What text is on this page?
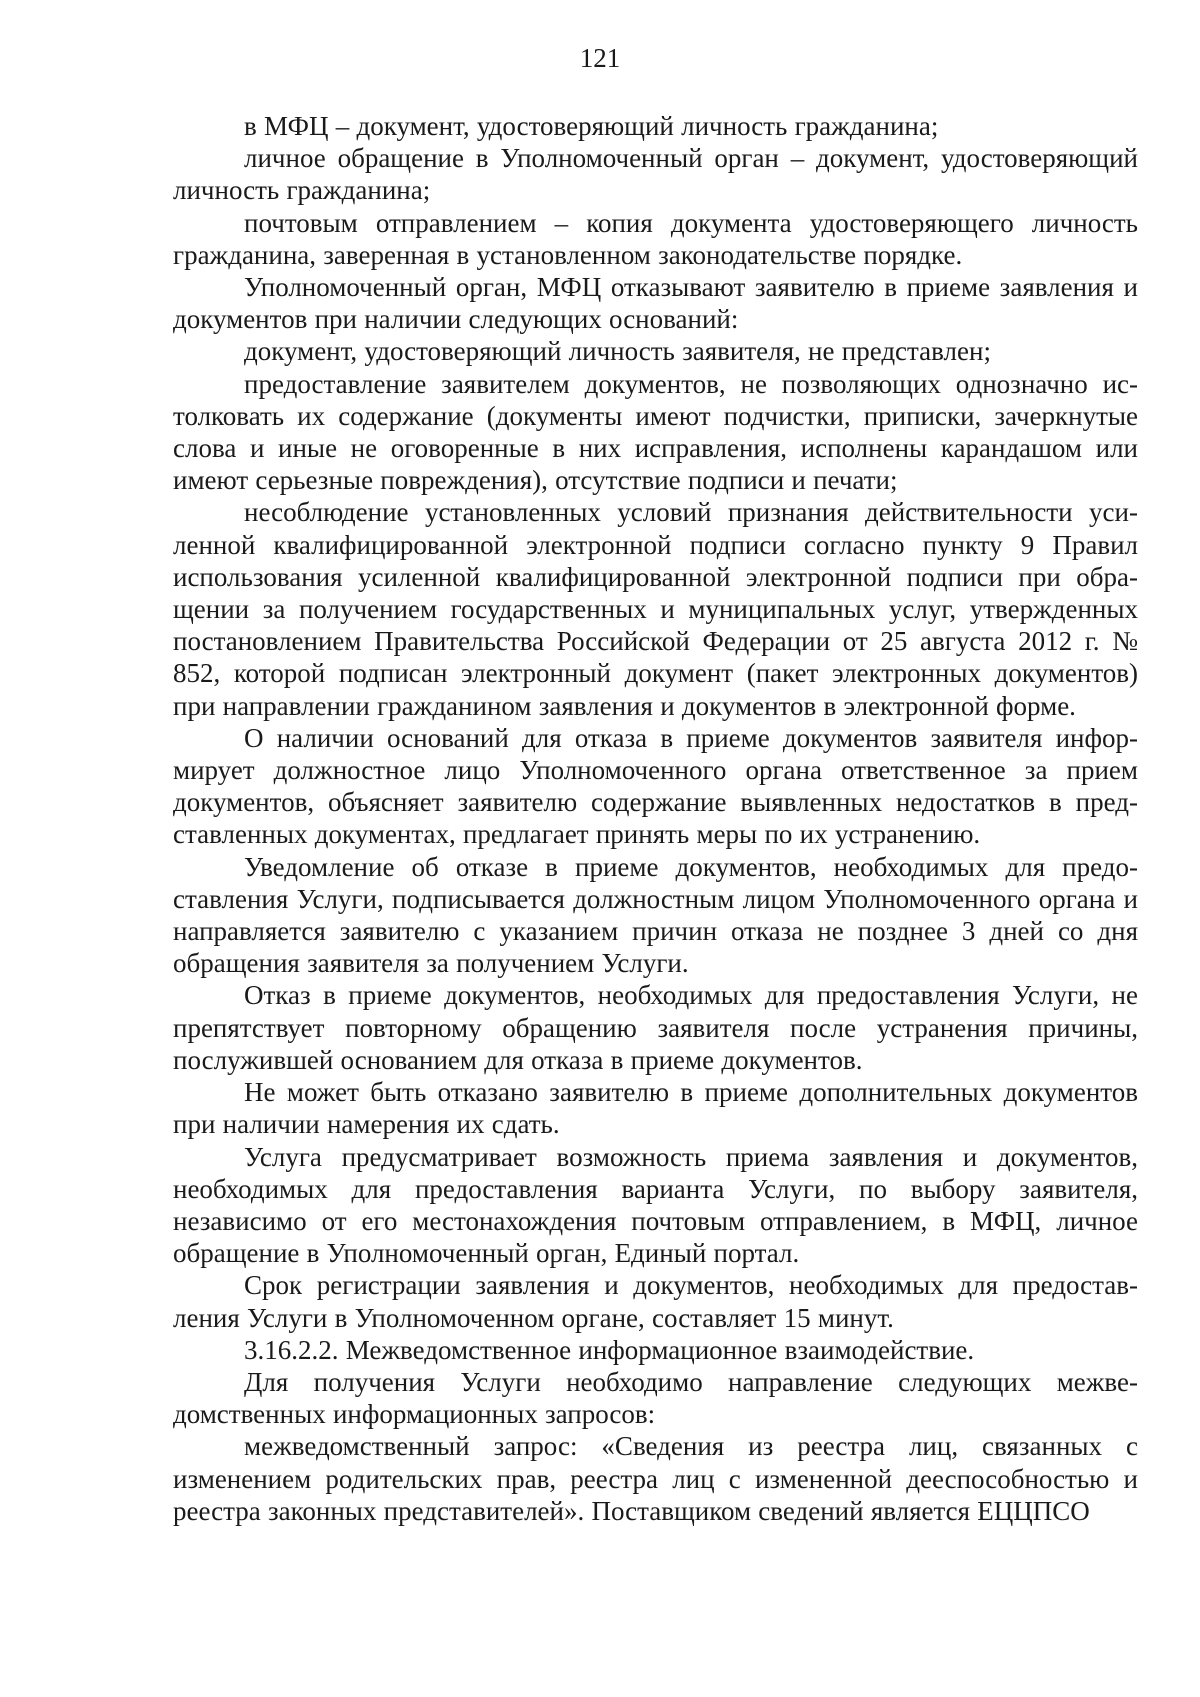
121

в МФЦ – документ, удостоверяющий личность гражданина;

личное обращение в Уполномоченный орган – документ, удостоверяющий личность гражданина;

почтовым отправлением – копия документа удостоверяющего личность гражданина, заверенная в установленном законодательстве порядке.

Уполномоченный орган, МФЦ отказывают заявителю в приеме заявления и документов при наличии следующих оснований:

документ, удостоверяющий личность заявителя, не представлен;

предоставление заявителем документов, не позволяющих однозначно истолковать их содержание (документы имеют подчистки, приписки, зачеркнутые слова и иные не оговоренные в них исправления, исполнены карандашом или имеют серьезные повреждения), отсутствие подписи и печати;

несоблюдение установленных условий признания действительности усиленной квалифицированной электронной подписи согласно пункту 9 Правил использования усиленной квалифицированной электронной подписи при обращении за получением государственных и муниципальных услуг, утвержденных постановлением Правительства Российской Федерации от 25 августа 2012 г. № 852, которой подписан электронный документ (пакет электронных документов) при направлении гражданином заявления и документов в электронной форме.

О наличии оснований для отказа в приеме документов заявителя информирует должностное лицо Уполномоченного органа ответственное за прием документов, объясняет заявителю содержание выявленных недостатков в представленных документах, предлагает принять меры по их устранению.

Уведомление об отказе в приеме документов, необходимых для предоставления Услуги, подписывается должностным лицом Уполномоченного органа и направляется заявителю с указанием причин отказа не позднее 3 дней со дня обращения заявителя за получением Услуги.

Отказ в приеме документов, необходимых для предоставления Услуги, не препятствует повторному обращению заявителя после устранения причины, послужившей основанием для отказа в приеме документов.

Не может быть отказано заявителю в приеме дополнительных документов при наличии намерения их сдать.

Услуга предусматривает возможность приема заявления и документов, необходимых для предоставления варианта Услуги, по выбору заявителя, независимо от его местонахождения почтовым отправлением, в МФЦ, личное обращение в Уполномоченный орган, Единый портал.

Срок регистрации заявления и документов, необходимых для предоставления Услуги в Уполномоченном органе, составляет 15 минут.

3.16.2.2. Межведомственное информационное взаимодействие.

Для получения Услуги необходимо направление следующих межведомственных информационных запросов:

межведомственный запрос: «Сведения из реестра лиц, связанных с изменением родительских прав, реестра лиц с измененной дееспособностью и реестра законных представителей». Поставщиком сведений является ЕЦЦПСО
